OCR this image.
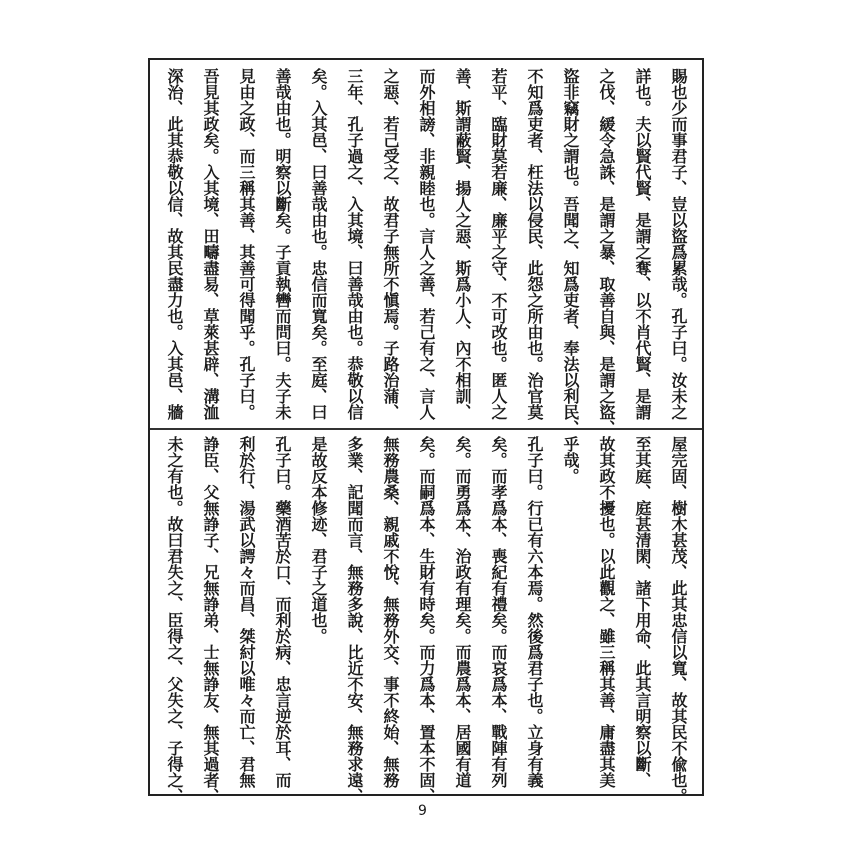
賜也少而事君子、豈以盜爲累哉。孔子曰。汝未之
詳也。夫以賢代賢、是謂之奪、以不肖代賢、是謂
之伐、緩令急誅、是謂之暴、取善自與、是謂之盜、
盜非竊財之謂也。吾聞之、知爲吏者、奉法以利民、
不知爲吏者、枉法以侵民、此怨之所由也。治官莫
若平、臨財莫若廉、廉平之守、不可改也。匿人之
善、斯謂蔽賢、揚人之惡、斯爲小人、內不相訓、
而外相謗、非親睦也。言人之善、若己有之、言人
之惡、若己受之、故君子無所不愼焉。子路治蒲、
三年、孔子過之、入其境、曰善哉由也。恭敬以信
矣。入其邑、曰善哉由也。忠信而寬矣。至庭、曰
善哉由也。明察以斷矣。子貢執轡而問曰。夫子未
見由之政、而三稱其善、其善可得聞乎。孔子曰。
吾見其政矣。入其境、田疇盡易、草萊甚辟、溝洫
深治、此其恭敬以信、故其民盡力也。入其邑、牆
屋完固、樹木甚茂、此其忠信以寬、故其民不偸也。
至其庭、庭甚清閑、諸下用命、此其言明察以斷、
故其政不擾也。以此觀之、雖三稱其善、庸盡其美
乎哉。
孔子曰。行已有六本焉。然後爲君子也。立身有義
矣。而孝爲本、喪紀有禮矣。而哀爲本、戰陣有列
矣。而勇爲本、治政有理矣。而農爲本、居國有道
矣。而嗣爲本、生財有時矣。而力爲本、置本不固、
無務農桑、親戚不悅、無務外交、事不終始、無務
多業、記聞而言、無務多說、比近不安、無務求遠、
是故反本修迹、君子之道也。
孔子曰。藥酒苦於口、而利於病、忠言逆於耳、而
利於行、湯武以諤々而昌、桀紂以唯々而亡、君無
諍臣、父無諍子、兄無諍弟、士無諍友、無其過者、
未之有也。故曰君失之、臣得之、父失之、子得之、
9
